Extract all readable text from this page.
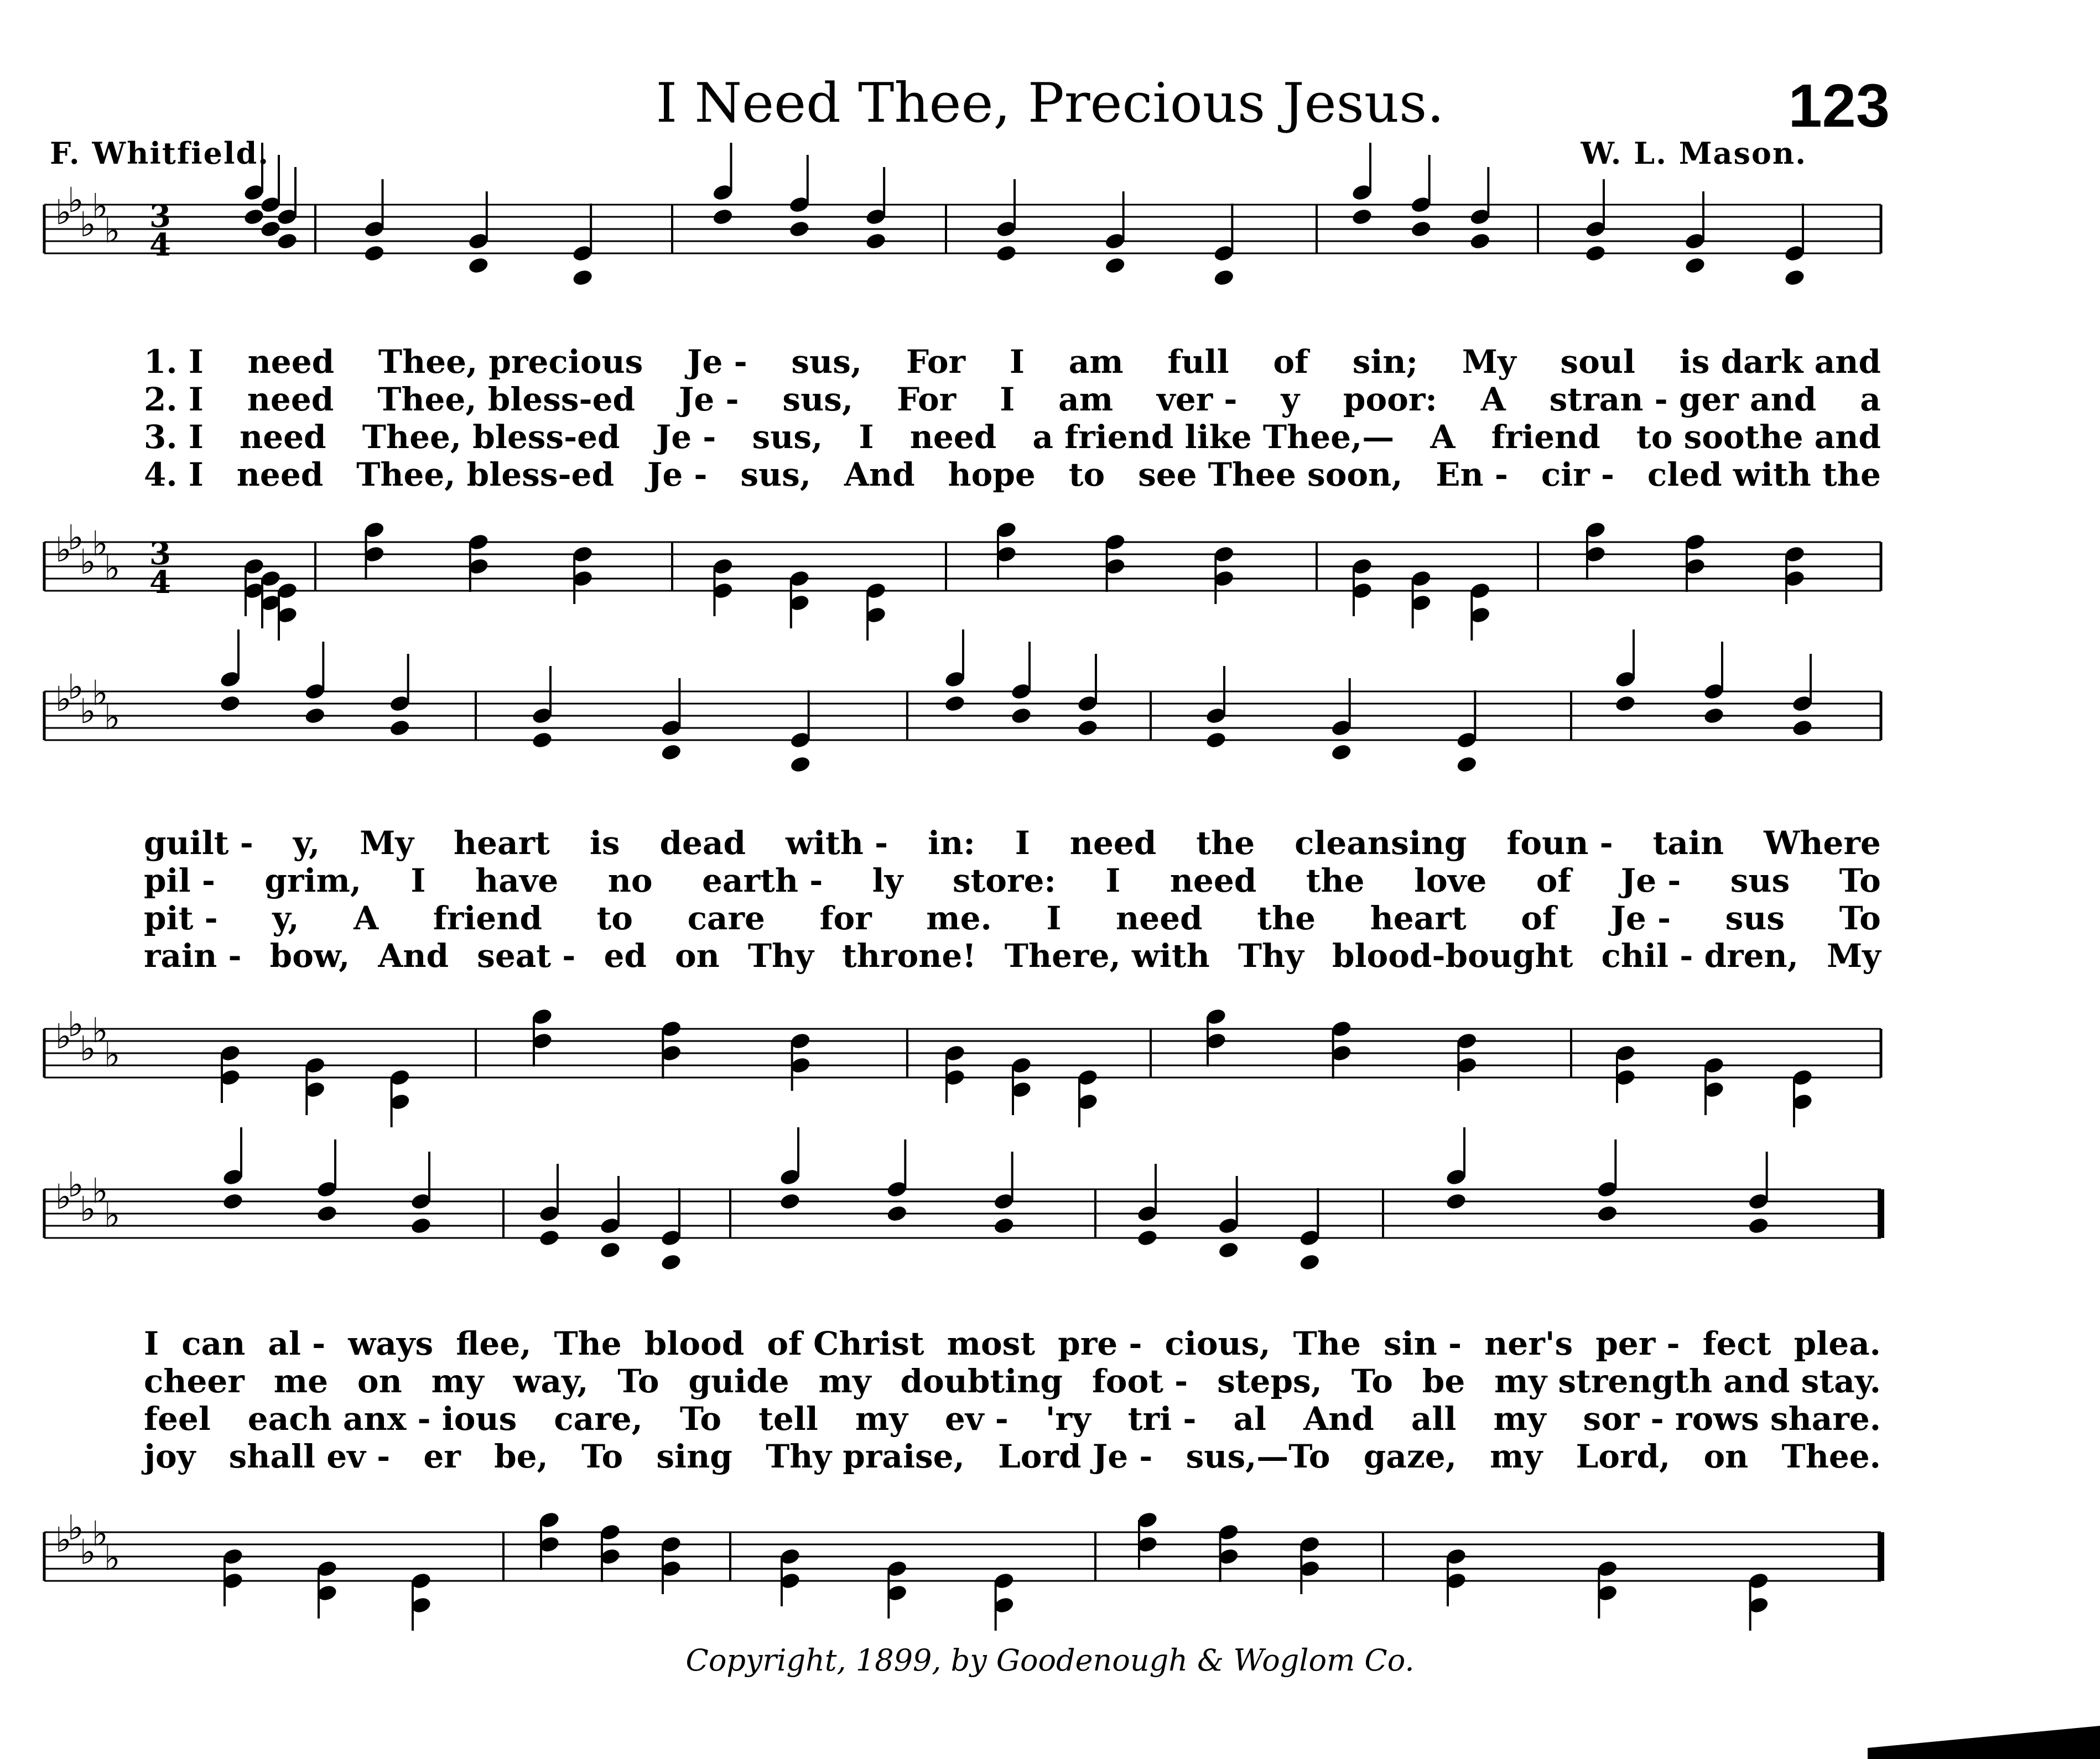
I Need Thee, Precious Jesus.	123
F. Whitfield.	W. L. Mason.
♭
♭
♭
♭
♭ 3
4
♭
♭
♭
♭
♭ 3
4
♭
♭
♭
♭
♭
♭
♭
♭
♭
♭
♭
♭
♭
♭
♭
♭
♭
♭
♭
♭
1. I need Thee, precious Je - sus, For I am full of sin; My soul is dark and
2. I need Thee, bless-ed Je - sus, For I am ver - y poor: A stran - ger and a
3. I need Thee, bless-ed Je - sus, I need a friend like Thee,— A friend to soothe and
4. I need Thee, bless-ed Je - sus, And hope to see Thee soon, En - cir - cled with the
guilt - y, My heart is dead with - in: I need the cleansing foun - tain Where
pil - grim, I have no earth - ly store: I need the love of Je - sus To
pit - y, A friend to care for me. I need the heart of Je - sus To
rain - bow, And seat - ed on Thy throne! There, with Thy blood-bought chil - dren, My
I can al - ways flee, The blood of Christ most pre - cious, The sin - ner's per - fect plea.
cheer me on my way, To guide my doubting foot - steps, To be my strength and stay.
feel each anx - ious care, To tell my ev - 'ry tri - al And all my sor - rows share.
joy shall ev - er be, To sing Thy praise, Lord Je - sus,—To gaze, my Lord, on Thee.
Copyright, 1899, by Goodenough & Woglom Co.
